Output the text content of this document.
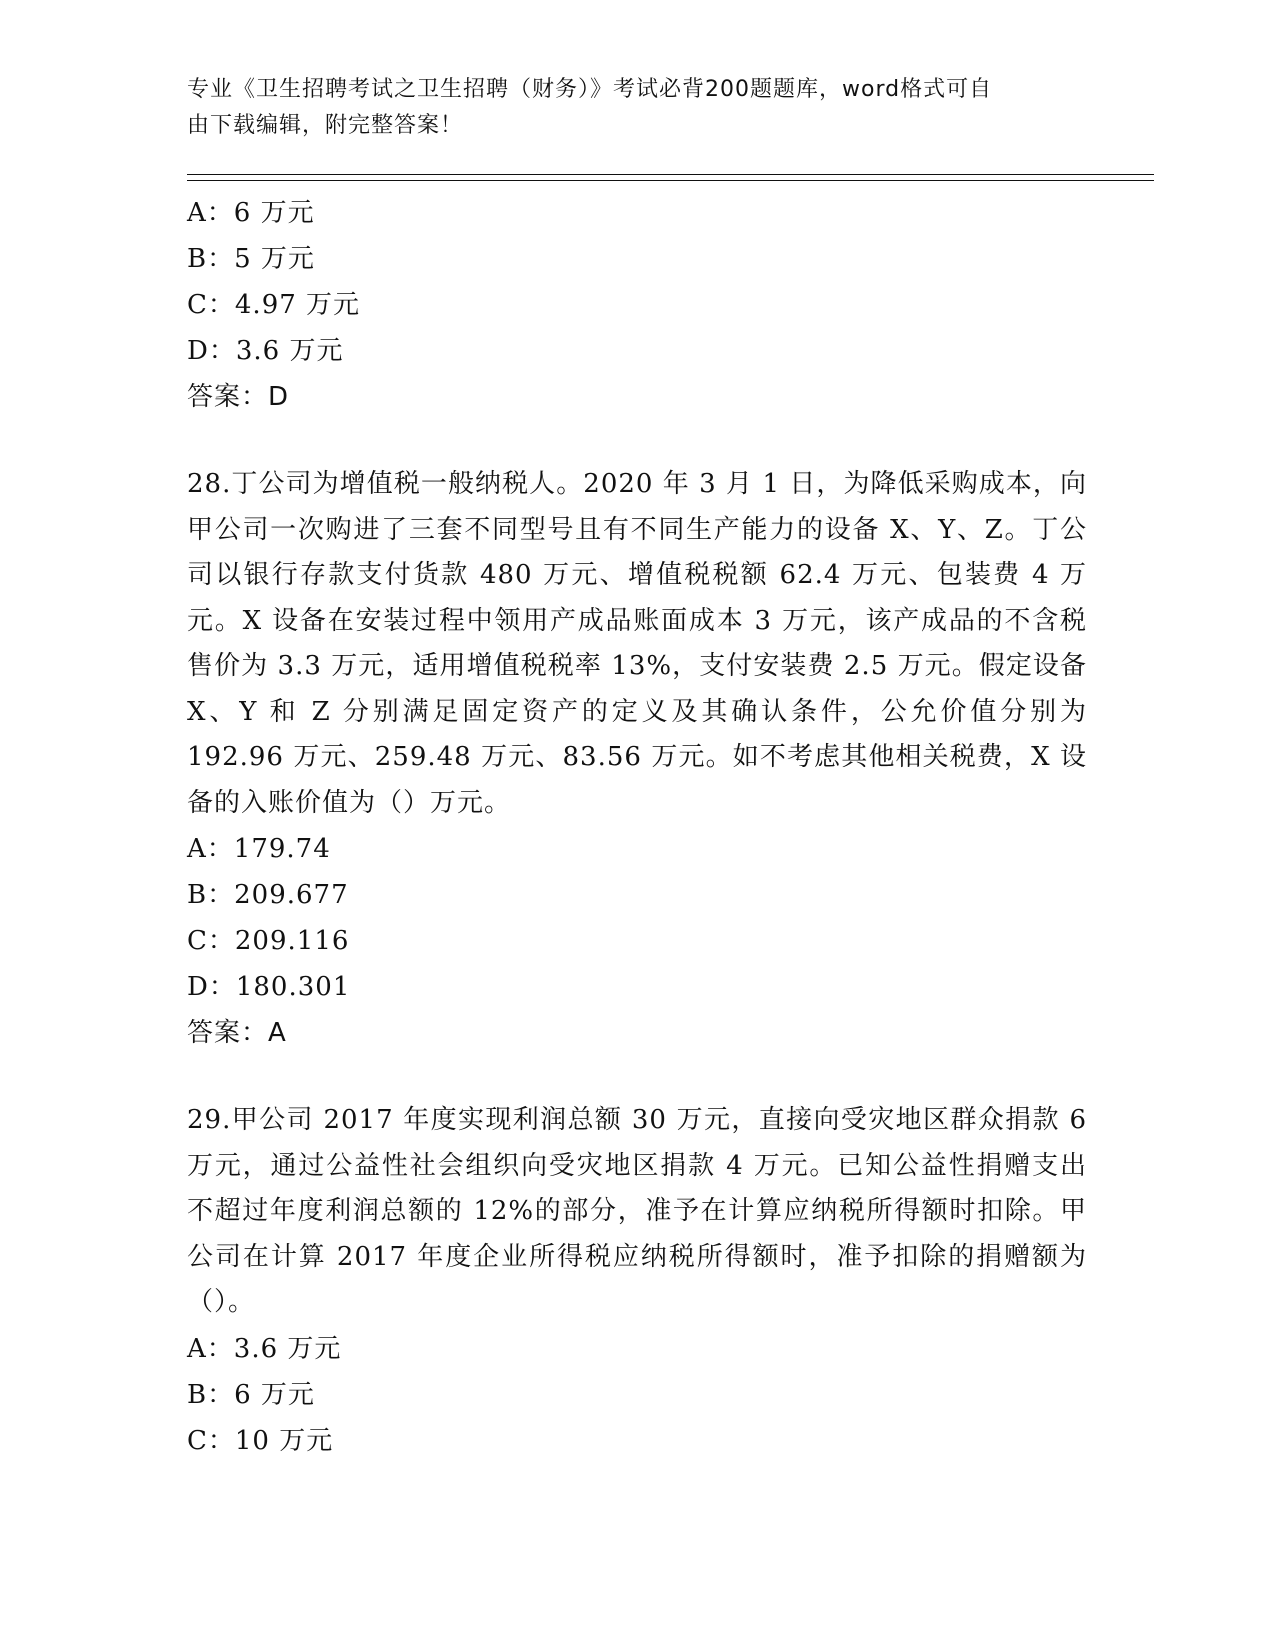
专业《卫生招聘考试之卫生招聘（财务）》考试必背200题题库，word格式可自
由下载编辑，附完整答案！
A：6 万元
B：5 万元
C：4.97 万元
D：3.6 万元
答案：D
28.丁公司为增值税一般纳税人。2020 年 3 月 1 日，为降低采购成本，向甲公司一次购进了三套不同型号且有不同生产能力的设备 X、Y、Z。丁公司以银行存款支付货款 480 万元、增值税税额 62.4 万元、包装费 4 万元。X 设备在安装过程中领用产成品账面成本 3 万元，该产成品的不含税售价为 3.3 万元，适用增值税税率 13%，支付安装费 2.5 万元。假定设备 X、Y 和 Z 分别满足固定资产的定义及其确认条件，公允价值分别为 192.96 万元、259.48 万元、83.56 万元。如不考虑其他相关税费，X 设备的入账价值为（）万元。
A：179.74
B：209.677
C：209.116
D：180.301
答案：A
29.甲公司 2017 年度实现利润总额 30 万元，直接向受灾地区群众捐款 6 万元，通过公益性社会组织向受灾地区捐款 4 万元。已知公益性捐赠支出不超过年度利润总额的 12%的部分，准予在计算应纳税所得额时扣除。甲公司在计算 2017 年度企业所得税应纳税所得额时，准予扣除的捐赠额为（）。
A：3.6 万元
B：6 万元
C：10 万元
